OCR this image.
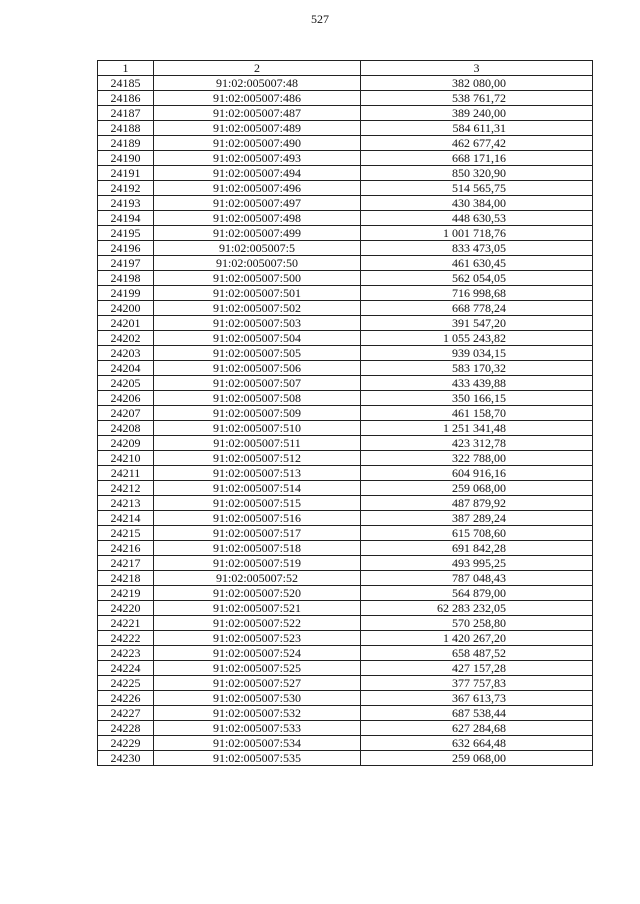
527
1	2	3
24185	91:02:005007:48	382 080,00
24186	91:02:005007:486	538 761,72
24187	91:02:005007:487	389 240,00
24188	91:02:005007:489	584 611,31
24189	91:02:005007:490	462 677,42
24190	91:02:005007:493	668 171,16
24191	91:02:005007:494	850 320,90
24192	91:02:005007:496	514 565,75
24193	91:02:005007:497	430 384,00
24194	91:02:005007:498	448 630,53
24195	91:02:005007:499	1 001 718,76
24196	91:02:005007:5	833 473,05
24197	91:02:005007:50	461 630,45
24198	91:02:005007:500	562 054,05
24199	91:02:005007:501	716 998,68
24200	91:02:005007:502	668 778,24
24201	91:02:005007:503	391 547,20
24202	91:02:005007:504	1 055 243,82
24203	91:02:005007:505	939 034,15
24204	91:02:005007:506	583 170,32
24205	91:02:005007:507	433 439,88
24206	91:02:005007:508	350 166,15
24207	91:02:005007:509	461 158,70
24208	91:02:005007:510	1 251 341,48
24209	91:02:005007:511	423 312,78
24210	91:02:005007:512	322 788,00
24211	91:02:005007:513	604 916,16
24212	91:02:005007:514	259 068,00
24213	91:02:005007:515	487 879,92
24214	91:02:005007:516	387 289,24
24215	91:02:005007:517	615 708,60
24216	91:02:005007:518	691 842,28
24217	91:02:005007:519	493 995,25
24218	91:02:005007:52	787 048,43
24219	91:02:005007:520	564 879,00
24220	91:02:005007:521	62 283 232,05
24221	91:02:005007:522	570 258,80
24222	91:02:005007:523	1 420 267,20
24223	91:02:005007:524	658 487,52
24224	91:02:005007:525	427 157,28
24225	91:02:005007:527	377 757,83
24226	91:02:005007:530	367 613,73
24227	91:02:005007:532	687 538,44
24228	91:02:005007:533	627 284,68
24229	91:02:005007:534	632 664,48
24230	91:02:005007:535	259 068,00
